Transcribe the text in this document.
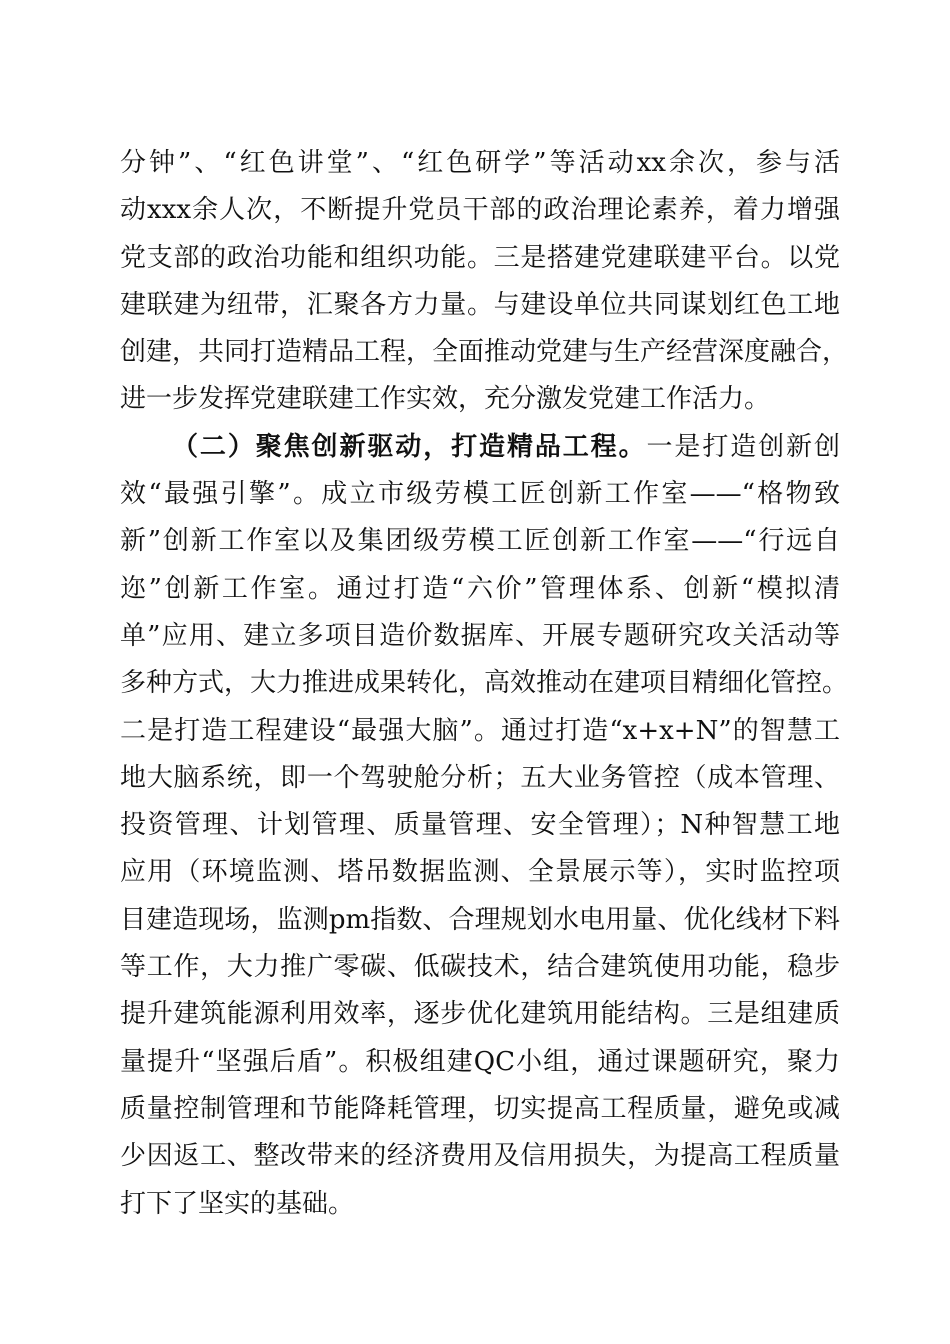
分钟”、“红色讲堂”、“红色研学”等活动xx余次，参与活
动xxx余人次，不断提升党员干部的政治理论素养，着力增强
党支部的政治功能和组织功能。三是搭建党建联建平台。以党
建联建为纽带，汇聚各方力量。与建设单位共同谋划红色工地
创建，共同打造精品工程，全面推动党建与生产经营深度融合，
进一步发挥党建联建工作实效，充分激发党建工作活力。
（二）聚焦创新驱动，打造精品工程。一是打造创新创
效“最强引擎”。成立市级劳模工匠创新工作室——“格物致
新”创新工作室以及集团级劳模工匠创新工作室——“行远自
迩”创新工作室。通过打造“六价”管理体系、创新“模拟清
单”应用、建立多项目造价数据库、开展专题研究攻关活动等
多种方式，大力推进成果转化，高效推动在建项目精细化管控。
二是打造工程建设“最强大脑”。通过打造“x+x+N”的智慧工
地大脑系统，即一个驾驶舱分析；五大业务管控（成本管理、
投资管理、计划管理、质量管理、安全管理）；N种智慧工地
应用（环境监测、塔吊数据监测、全景展示等），实时监控项
目建造现场，监测pm指数、合理规划水电用量、优化线材下料
等工作，大力推广零碳、低碳技术，结合建筑使用功能，稳步
提升建筑能源利用效率，逐步优化建筑用能结构。三是组建质
量提升“坚强后盾”。积极组建QC小组，通过课题研究，聚力
质量控制管理和节能降耗管理，切实提高工程质量，避免或减
少因返工、整改带来的经济费用及信用损失，为提高工程质量
打下了坚实的基础。
